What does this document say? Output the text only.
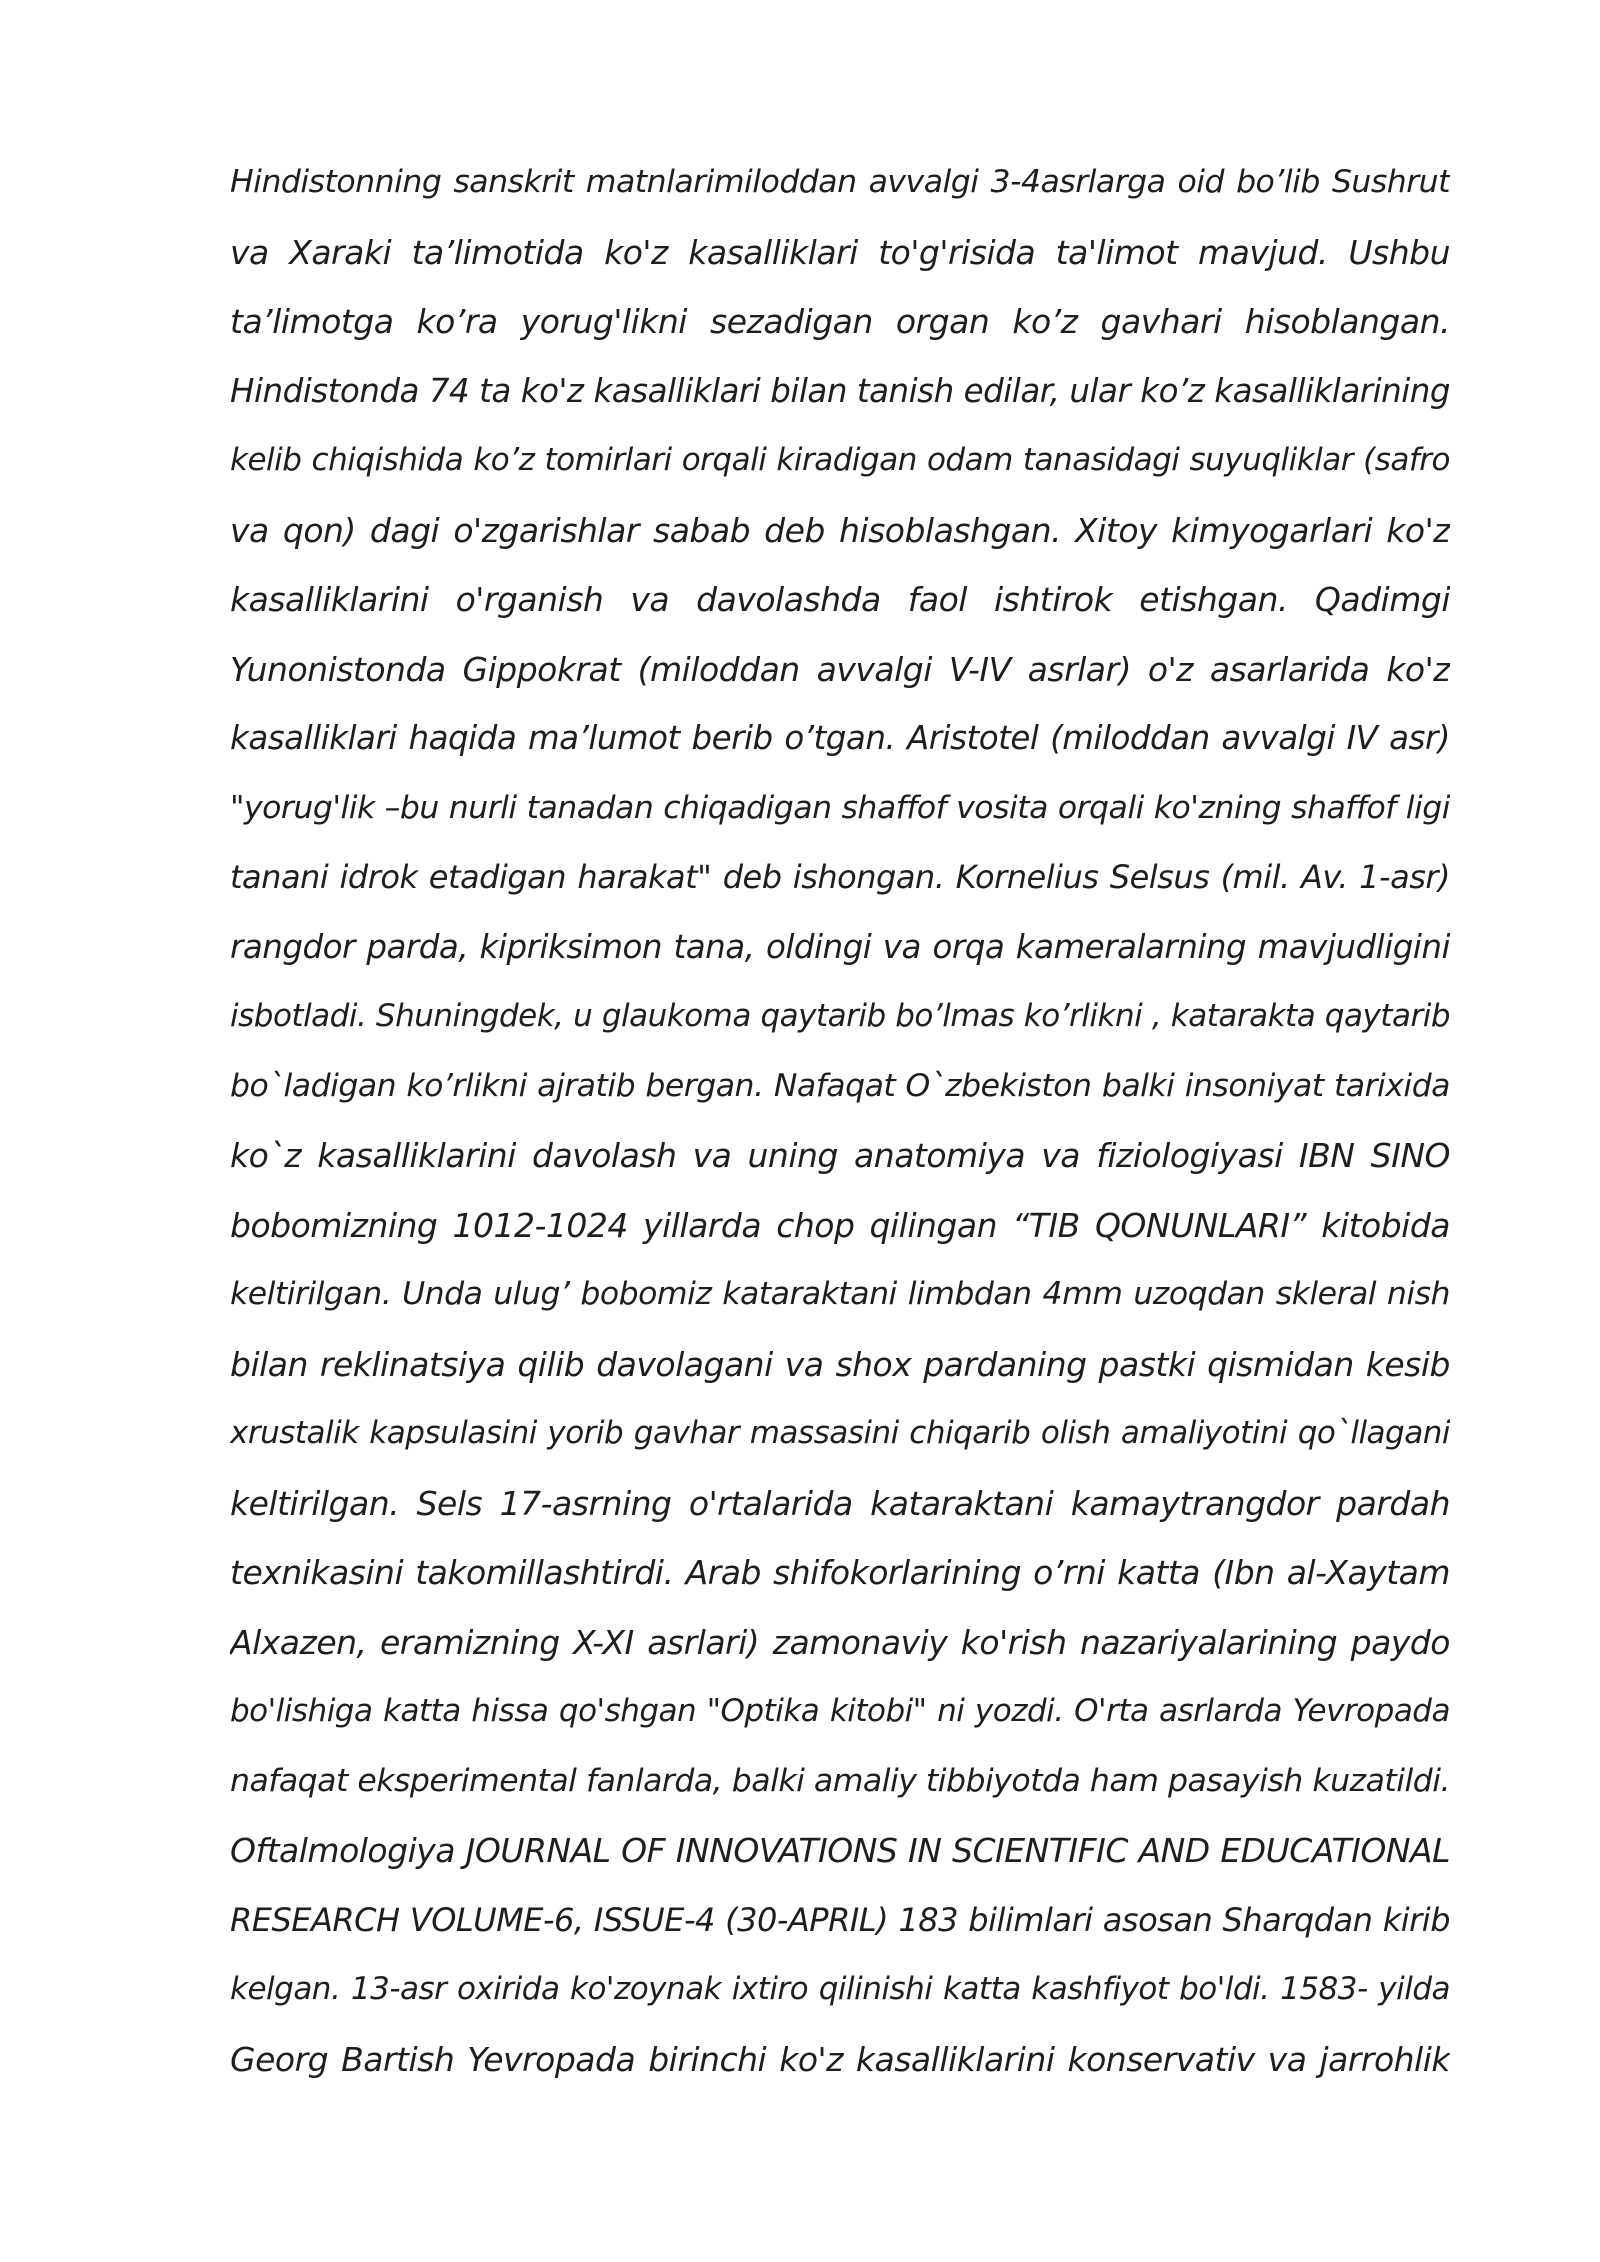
Hindistonning sanskrit matnlarimiloddan avvalgi 3-4asrlarga oid bo’lib Sushrut
va Xaraki ta’limotida ko'z kasalliklari to'g'risida ta'limot mavjud. Ushbu
ta’limotga ko’ra yorug'likni sezadigan organ ko’z gavhari hisoblangan.
Hindistonda 74 ta ko'z kasalliklari bilan tanish edilar, ular ko’z kasalliklarining
kelib chiqishida ko’z tomirlari orqali kiradigan odam tanasidagi suyuqliklar (safro
va qon) dagi o'zgarishlar sabab deb hisoblashgan. Xitoy kimyogarlari ko'z
kasalliklarini o'rganish va davolashda faol ishtirok etishgan. Qadimgi
Yunonistonda Gippokrat (miloddan avvalgi V-IV asrlar) o'z asarlarida ko'z
kasalliklari haqida ma’lumot berib o’tgan. Aristotel (miloddan avvalgi IV asr)
"yorug'lik –bu nurli tanadan chiqadigan shaffof vosita orqali ko'zning shaffof ligi
tanani idrok etadigan harakat" deb ishongan. Kornelius Selsus (mil. Av. 1-asr)
rangdor parda, kipriksimon tana, oldingi va orqa kameralarning mavjudligini
isbotladi. Shuningdek, u glaukoma qaytarib bo’lmas ko’rlikni , katarakta qaytarib
bo`ladigan ko’rlikni ajratib bergan. Nafaqat O`zbekiston balki insoniyat tarixida
ko`z kasalliklarini davolash va uning anatomiya va fiziologiyasi IBN SINO
bobomizning 1012-1024 yillarda chop qilingan “TIB QONUNLARI” kitobida
keltirilgan. Unda ulug’ bobomiz kataraktani limbdan 4mm uzoqdan skleral nish
bilan reklinatsiya qilib davolagani va shox pardaning pastki qismidan kesib
xrustalik kapsulasini yorib gavhar massasini chiqarib olish amaliyotini qo`llagani
keltirilgan. Sels 17-asrning o'rtalarida kataraktani kamaytrangdor pardah
texnikasini takomillashtirdi. Arab shifokorlarining o’rni katta (Ibn al-Xaytam
Alxazen, eramizning X-XI asrlari) zamonaviy ko'rish nazariyalarining paydo
bo'lishiga katta hissa qo'shgan "Optika kitobi" ni yozdi. O'rta asrlarda Yevropada
nafaqat eksperimental fanlarda, balki amaliy tibbiyotda ham pasayish kuzatildi.
Oftalmologiya JOURNAL OF INNOVATIONS IN SCIENTIFIC AND EDUCATIONAL
RESEARCH VOLUME-6, ISSUE-4 (30-APRIL) 183 bilimlari asosan Sharqdan kirib
kelgan. 13-asr oxirida ko'zoynak ixtiro qilinishi katta kashfiyot bo'ldi. 1583- yilda
Georg Bartish Yevropada birinchi ko'z kasalliklarini konservativ va jarrohlik
